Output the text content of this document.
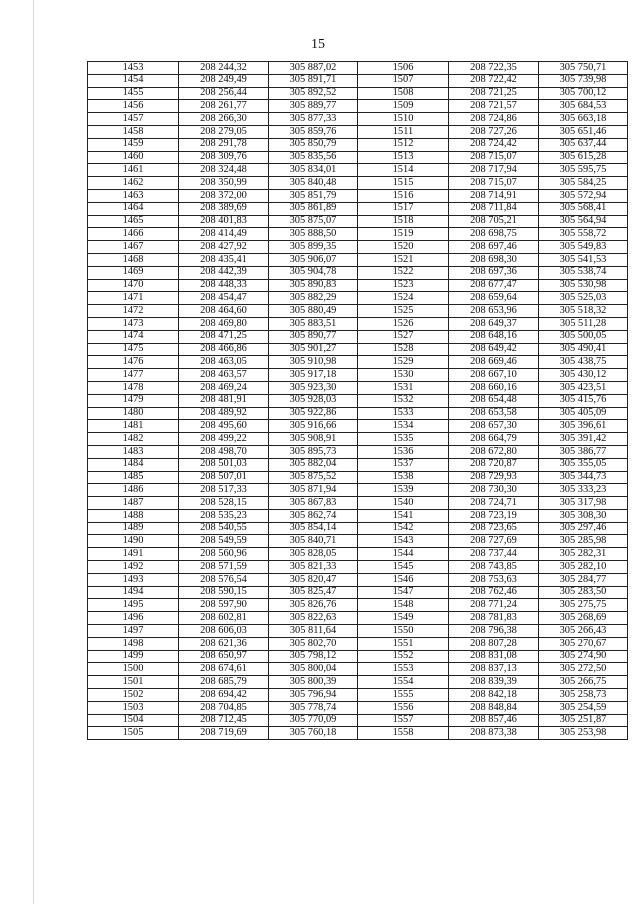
15
1453	208 244,32	305 887,02	1506	208 722,35	305 750,71
1454	208 249,49	305 891,71	1507	208 722,42	305 739,98
1455	208 256,44	305 892,52	1508	208 721,25	305 700,12
1456	208 261,77	305 889,77	1509	208 721,57	305 684,53
1457	208 266,30	305 877,33	1510	208 724,86	305 663,18
1458	208 279,05	305 859,76	1511	208 727,26	305 651,46
1459	208 291,78	305 850,79	1512	208 724,42	305 637,44
1460	208 309,76	305 835,56	1513	208 715,07	305 615,28
1461	208 324,48	305 834,01	1514	208 717,94	305 595,75
1462	208 350,99	305 840,48	1515	208 715,07	305 584,25
1463	208 372,00	305 851,79	1516	208 714,91	305 572,94
1464	208 389,69	305 861,89	1517	208 711,84	305 568,41
1465	208 401,83	305 875,07	1518	208 705,21	305 564,94
1466	208 414,49	305 888,50	1519	208 698,75	305 558,72
1467	208 427,92	305 899,35	1520	208 697,46	305 549,83
1468	208 435,41	305 906,07	1521	208 698,30	305 541,53
1469	208 442,39	305 904,78	1522	208 697,36	305 538,74
1470	208 448,33	305 890,83	1523	208 677,47	305 530,98
1471	208 454,47	305 882,29	1524	208 659,64	305 525,03
1472	208 464,60	305 880,49	1525	208 653,96	305 518,32
1473	208 469,80	305 883,51	1526	208 649,37	305 511,28
1474	208 471,25	305 890,77	1527	208 648,16	305 500,05
1475	208 466,86	305 901,27	1528	208 649,42	305 490,41
1476	208 463,05	305 910,98	1529	208 669,46	305 438,75
1477	208 463,57	305 917,18	1530	208 667,10	305 430,12
1478	208 469,24	305 923,30	1531	208 660,16	305 423,51
1479	208 481,91	305 928,03	1532	208 654,48	305 415,76
1480	208 489,92	305 922,86	1533	208 653,58	305 405,09
1481	208 495,60	305 916,66	1534	208 657,30	305 396,61
1482	208 499,22	305 908,91	1535	208 664,79	305 391,42
1483	208 498,70	305 895,73	1536	208 672,80	305 386,77
1484	208 501,03	305 882,04	1537	208 720,87	305 355,05
1485	208 507,01	305 875,52	1538	208 729,93	305 344,73
1486	208 517,33	305 871,94	1539	208 730,30	305 333,23
1487	208 528,15	305 867,83	1540	208 724,71	305 317,98
1488	208 535,23	305 862,74	1541	208 723,19	305 308,30
1489	208 540,55	305 854,14	1542	208 723,65	305 297,46
1490	208 549,59	305 840,71	1543	208 727,69	305 285,98
1491	208 560,96	305 828,05	1544	208 737,44	305 282,31
1492	208 571,59	305 821,33	1545	208 743,85	305 282,10
1493	208 576,54	305 820,47	1546	208 753,63	305 284,77
1494	208 590,15	305 825,47	1547	208 762,46	305 283,50
1495	208 597,90	305 826,76	1548	208 771,24	305 275,75
1496	208 602,81	305 822,63	1549	208 781,83	305 268,69
1497	208 606,03	305 811,64	1550	208 796,38	305 266,43
1498	208 621,36	305 802,70	1551	208 807,28	305 270,67
1499	208 650,97	305 798,12	1552	208 831,08	305 274,90
1500	208 674,61	305 800,04	1553	208 837,13	305 272,50
1501	208 685,79	305 800,39	1554	208 839,39	305 266,75
1502	208 694,42	305 796,94	1555	208 842,18	305 258,73
1503	208 704,85	305 778,74	1556	208 848,84	305 254,59
1504	208 712,45	305 770,09	1557	208 857,46	305 251,87
1505	208 719,69	305 760,18	1558	208 873,38	305 253,98
